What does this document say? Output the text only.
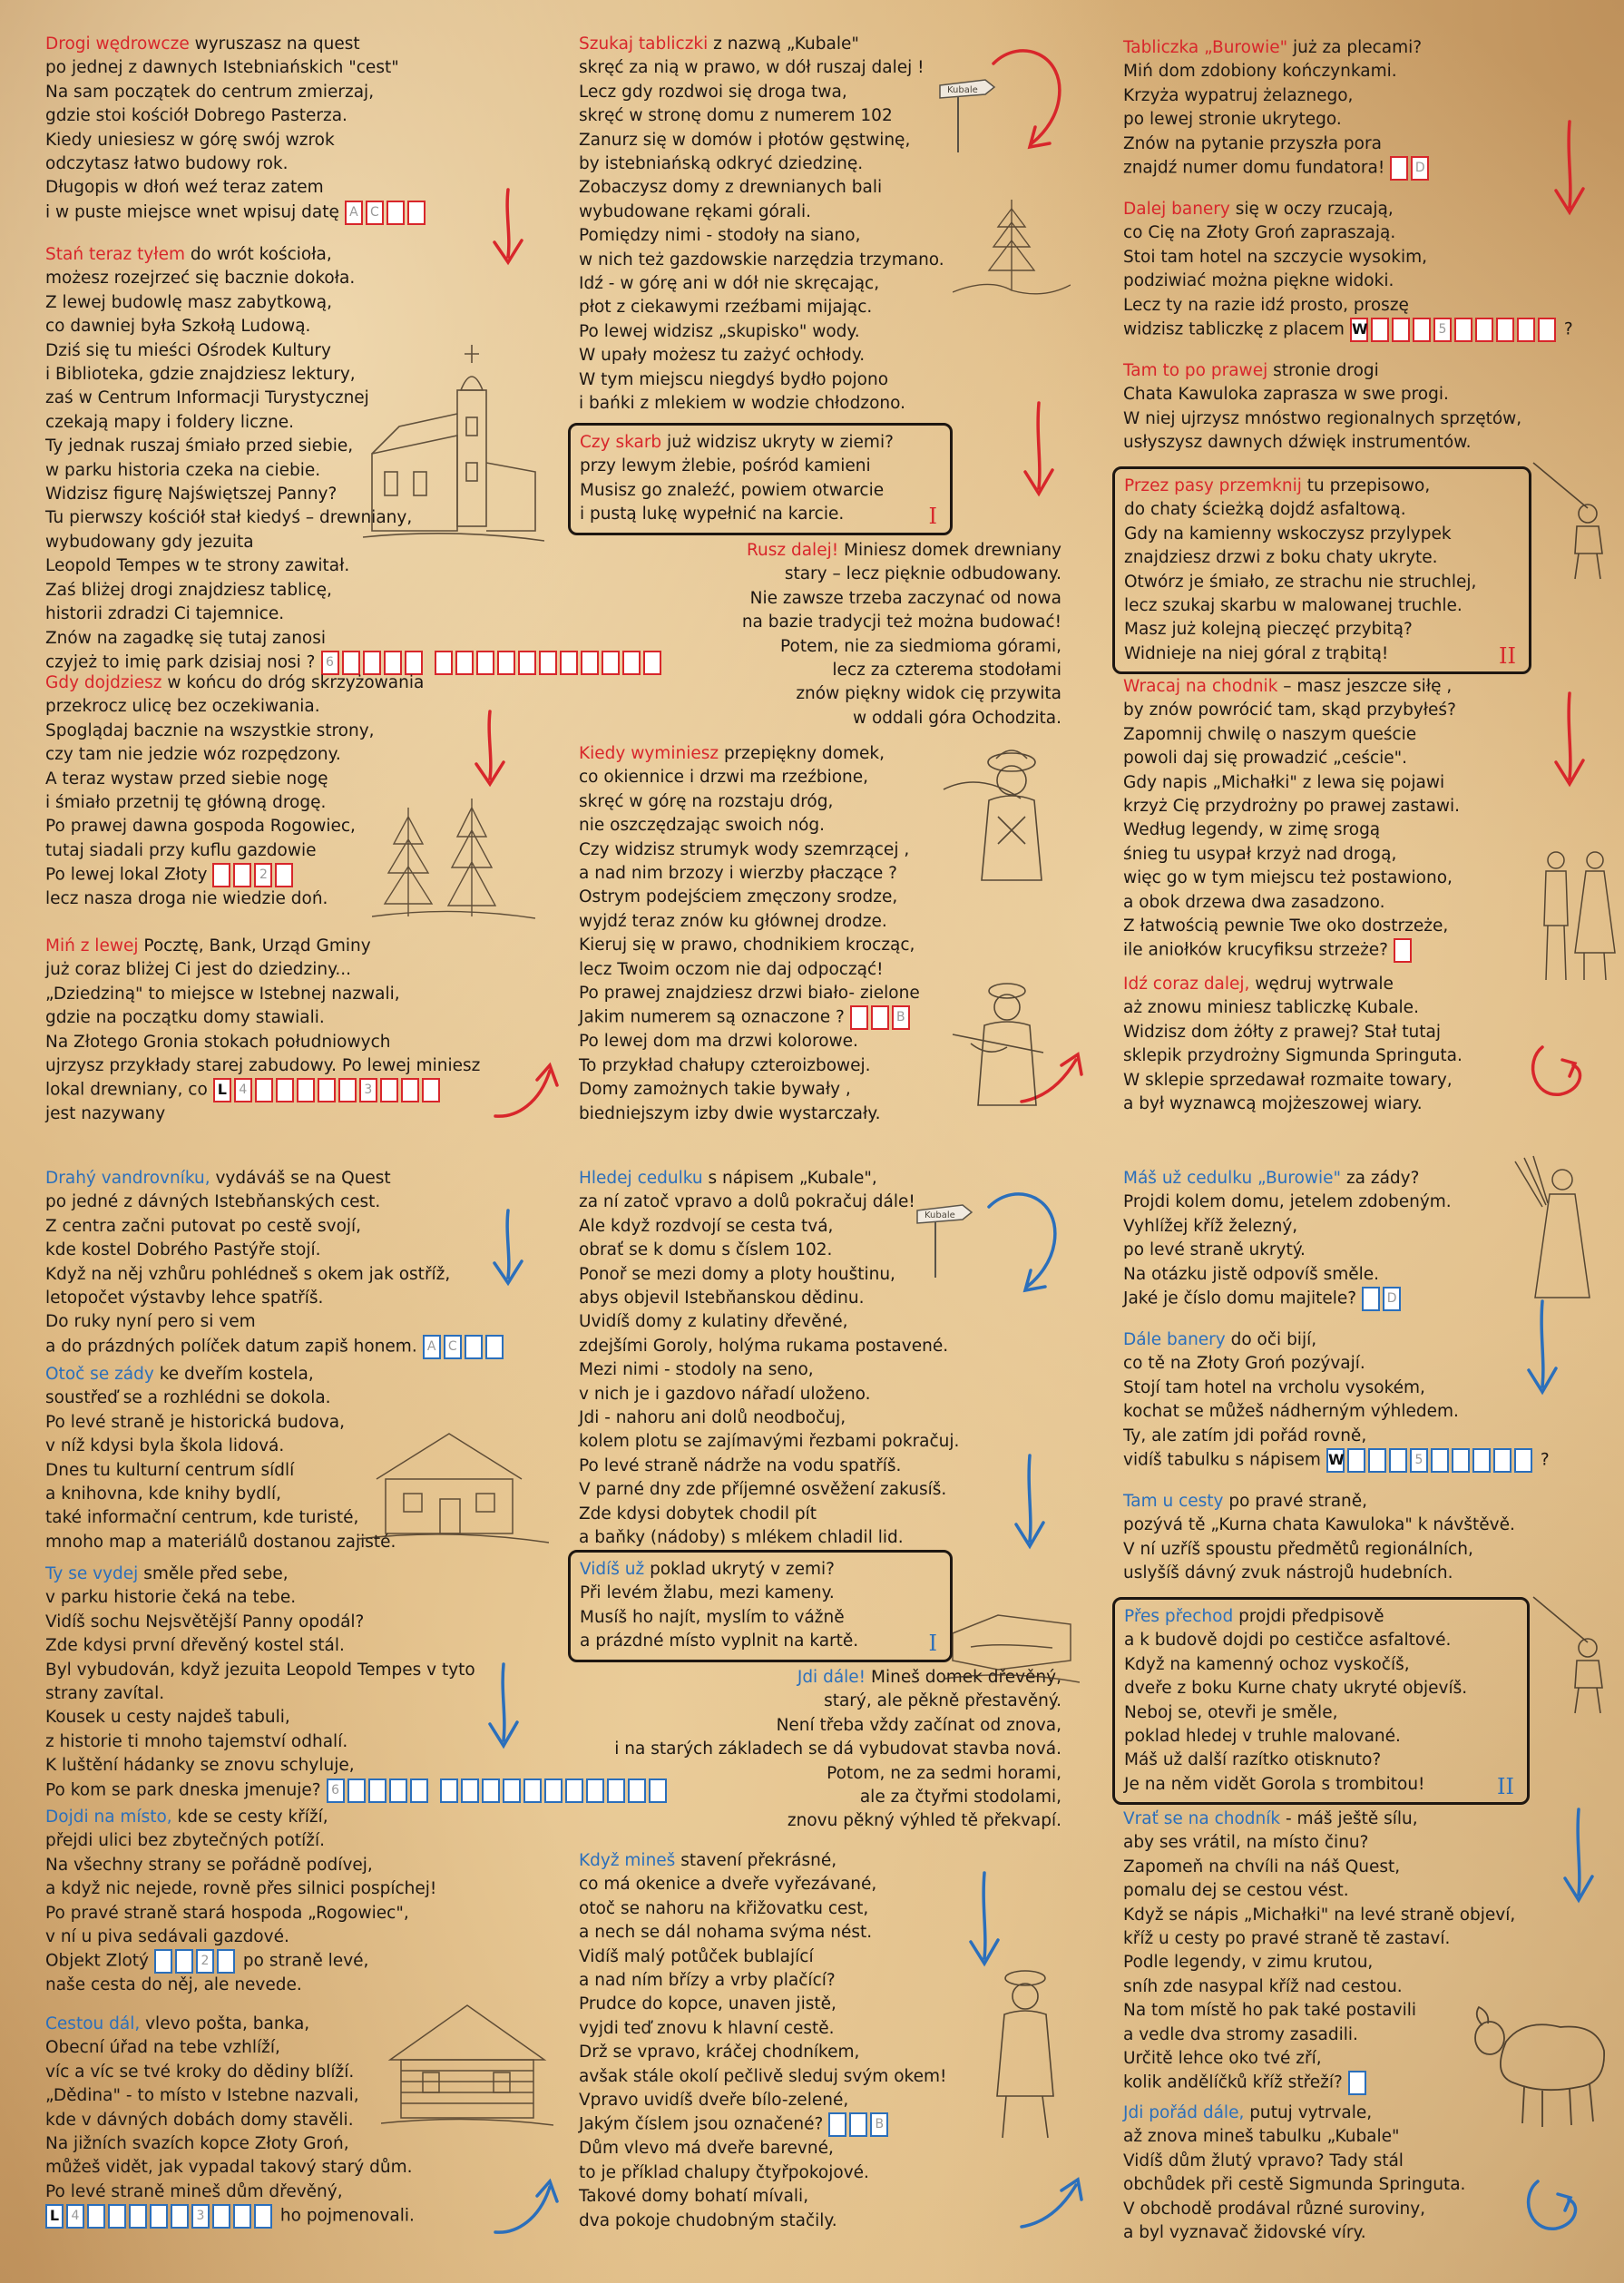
Drogi wędrowcze wyruszasz na quest
po jednej z dawnych Istebniańskich "cest"
Na sam początek do centrum zmierzaj,
gdzie stoi kościół Dobrego Pasterza.
Kiedy uniesiesz w górę swój wzrok
odczytasz łatwo budowy rok.
Długopis w dłoń weź teraz zatem
i w puste miejsce wnet wpisuj datę A C
Stań teraz tyłem do wrót kościoła,
możesz rozejrzeć się bacznie dokoła.
Z lewej budowlę masz zabytkową,
co dawniej była Szkołą Ludową.
Dziś się tu mieści Ośrodek Kultury
i Biblioteka, gdzie znajdziesz lektury,
zaś w Centrum Informacji Turystycznej
czekają mapy i foldery liczne.
Ty jednak ruszaj śmiało przed siebie,
w parku historia czeka na ciebie.
Widzisz figurę Najświętszej Panny?
Tu pierwszy kościół stał kiedyś – drewniany,
wybudowany gdy jezuita
Leopold Tempes w te strony zawitał.
Zaś bliżej drogi znajdziesz tablicę,
historii zdradzi Ci tajemnice.
Znów na zagadkę się tutaj zanosi
czyjeż to imię park dzisiaj nosi ? 6
Gdy dojdziesz w końcu do dróg skrzyżowania
przekrocz ulicę bez oczekiwania.
Spoglądaj bacznie na wszystkie strony,
czy tam nie jedzie wóz rozpędzony.
A teraz wystaw przed siebie nogę
i śmiało przetnij tę główną drogę.
Po prawej dawna gospoda Rogowiec,
tutaj siadali przy kuflu gazdowie
Po lewej lokal Złoty	2
lecz nasza droga nie wiedzie doń.
Miń z lewej Pocztę, Bank, Urząd Gminy
już coraz bliżej Ci jest do dziedziny...
„Dziedziną" to miejsce w Istebnej nazwali,
gdzie na początku domy stawiali.
Na Złotego Gronia stokach południowych
ujrzysz przykłady starej zabudowy. Po lewej miniesz
lokal drewniany, co L 4	3
jest nazywany
Szukaj tabliczki z nazwą „Kubale"
skręć za nią w prawo, w dół ruszaj dalej !
Lecz gdy rozdwoi się droga twa,
skręć w stronę domu z numerem 102
Zanurz się w domów i płotów gęstwinę,
by istebniańską odkryć dziedzinę.
Zobaczysz domy z drewnianych bali
wybudowane rękami górali.
Pomiędzy nimi - stodoły na siano,
w nich też gazdowskie narzędzia trzymano.
Idź - w górę ani w dół nie skręcając,
płot z ciekawymi rzeźbami mijając.
Po lewej widzisz „skupisko" wody.
W upały możesz tu zażyć ochłody.
W tym miejscu niegdyś bydło pojono
i bańki z mlekiem w wodzie chłodzono.
Czy skarb już widzisz ukryty w ziemi?
przy lewym żlebie, pośród kamieni
Musisz go znaleźć, powiem otwarcie
i pustą lukę wypełnić na karcie.	I
Rusz dalej! Miniesz domek drewniany
stary – lecz pięknie odbudowany.
Nie zawsze trzeba zaczynać od nowa
na bazie tradycji też można budować!
Potem, nie za siedmioma górami,
lecz za czterema stodołami
znów piękny widok cię przywita
w oddali góra Ochodzita.
Kiedy wyminiesz przepiękny domek,
co okiennice i drzwi ma rzeźbione,
skręć w górę na rozstaju dróg,
nie oszczędzając swoich nóg.
Czy widzisz strumyk wody szemrzącej ,
a nad nim brzozy i wierzby płaczące ?
Ostrym podejściem zmęczony srodze,
wyjdź teraz znów ku głównej drodze.
Kieruj się w prawo, chodnikiem krocząc,
lecz Twoim oczom nie daj odpocząć!
Po prawej znajdziesz drzwi biało- zielone
Jakim numerem są oznaczone ?	B
Po lewej dom ma drzwi kolorowe.
To przykład chałupy czteroizbowej.
Domy zamożnych takie bywały ,
biedniejszym izby dwie wystarczały.
Tabliczka „Burowie" już za plecami?
Miń dom zdobiony kończynkami.
Krzyża wypatruj żelaznego,
po lewej stronie ukrytego.
Znów na pytanie przyszła pora
znajdź numer domu fundatora! D
Dalej banery się w oczy rzucają,
co Cię na Złoty Groń zapraszają.
Stoi tam hotel na szczycie wysokim,
podziwiać można piękne widoki.
Lecz ty na razie idź prosto, proszę
widzisz tabliczkę z placem W	5	?
Tam to po prawej stronie drogi
Chata Kawuloka zaprasza w swe progi.
W niej ujrzysz mnóstwo regionalnych sprzętów,
usłyszysz dawnych dźwięk instrumentów.
Przez pasy przemknij tu przepisowo,
do chaty ścieżką dojdź asfaltową.
Gdy na kamienny wskoczysz przylypek
znajdziesz drzwi z boku chaty ukryte.
Otwórz je śmiało, ze strachu nie struchlej,
lecz szukaj skarbu w malowanej truchle.
Masz już kolejną pieczęć przybitą?
Widnieje na niej góral z trąbitą!	II
Wracaj na chodnik – masz jeszcze siłę ,
by znów powrócić tam, skąd przybyłeś?
Zapomnij chwilę o naszym queście
powoli daj się prowadzić „ceście".
Gdy napis „Michałki" z lewa się pojawi
krzyż Cię przydrożny po prawej zastawi.
Według legendy, w zimę srogą
śnieg tu usypał krzyż nad drogą,
więc go w tym miejscu też postawiono,
a obok drzewa dwa zasadzono.
Z łatwością pewnie Twe oko dostrzeże,
ile aniołków krucyfiksu strzeże?
Idź coraz dalej, wędruj wytrwale
aż znowu miniesz tabliczkę Kubale.
Widzisz dom żółty z prawej? Stał tutaj
sklepik przydrożny Sigmunda Springuta.
W sklepie sprzedawał rozmaite towary,
a był wyznawcą mojżeszowej wiary.
Drahý vandrovníku, vydáváš se na Quest
po jedné z dávných Istebňanských cest.
Z centra začni putovat po cestě svojí,
kde kostel Dobrého Pastýře stojí.
Když na něj vzhůru pohlédneš s okem jak ostříž,
letopočet výstavby lehce spatříš.
Do ruky nyní pero si vem
a do prázdných políček datum zapiš honem. A C
Otoč se zády ke dveřím kostela,
soustřeď se a rozhlédni se dokola.
Po levé straně je historická budova,
v níž kdysi byla škola lidová.
Dnes tu kulturní centrum sídlí
a knihovna, kde knihy bydlí,
také informační centrum, kde turisté,
mnoho map a materiálů dostanou zajisté.
Ty se vydej směle před sebe,
v parku historie čeká na tebe.
Vidíš sochu Nejsvětější Panny opodál?
Zde kdysi první dřevěný kostel stál.
Byl vybudován, když jezuita Leopold Tempes v tyto
strany zavítal.
Kousek u cesty najdeš tabuli,
z historie ti mnoho tajemství odhalí.
K luštění hádanky se znovu schyluje,
Po kom se park dneska jmenuje? 6
Dojdi na místo, kde se cesty kříží,
přejdi ulici bez zbytečných potíží.
Na všechny strany se pořádně podívej,
a když nic nejede, rovně přes silnici pospíchej!
Po pravé straně stará hospoda „Rogowiec",
v ní u piva sedávali gazdové.
Objekt Zlotý	2 po straně levé,
naše cesta do něj, ale nevede.
Cestou dál, vlevo pošta, banka,
Obecní úřad na tebe vzhlíží,
víc a víc se tvé kroky do dědiny blíží.
„Dědina" - to místo v Istebne nazvali,
kde v dávných dobách domy stavěli.
Na jižních svazích kopce Złoty Groń,
můžeš vidět, jak vypadal takový starý dům.
Po levé straně mineš dům dřevěný,
L 4	3	ho pojmenovali.
Hledej cedulku s nápisem „Kubale",
za ní zatoč vpravo a dolů pokračuj dále!
Ale když rozdvojí se cesta tvá,
obrať se k domu s číslem 102.
Ponoř se mezi domy a ploty houštinu,
abys objevil Istebňanskou dědinu.
Uvidíš domy z kulatiny dřevěné,
zdejšími Goroly, holýma rukama postavené.
Mezi nimi - stodoly na seno,
v nich je i gazdovo nářadí uloženo.
Jdi - nahoru ani dolů neodbočuj,
kolem plotu se zajímavými řezbami pokračuj.
Po levé straně nádrže na vodu spatříš.
V parné dny zde příjemné osvěžení zakusíš.
Zde kdysi dobytek chodil pít
a baňky (nádoby) s mlékem chladil lid.
Vidíš už poklad ukrytý v zemi?
Při levém žlabu, mezi kameny.
Musíš ho najít, myslím to vážně
a prázdné místo vyplnit na kartě.	I
Jdi dále! Mineš domek dřevěný,
starý, ale pěkně přestavěný.
Není třeba vždy začínat od znova,
i na starých základech se dá vybudovat stavba nová.
Potom, ne za sedmi horami,
ale za čtyřmi stodolami,
znovu pěkný výhled tě překvapí.
Když mineš stavení překrásné,
co má okenice a dveře vyřezávané,
otoč se nahoru na křižovatku cest,
a nech se dál nohama svýma nést.
Vidíš malý potůček bublající
a nad ním břízy a vrby plačící?
Prudce do kopce, unaven jistě,
vyjdi teď znovu k hlavní cestě.
Drž se vpravo, kráčej chodníkem,
avšak stále okolí pečlivě sleduj svým okem!
Vpravo uvidíš dveře bílo-zelené,
Jakým číslem jsou označené?	B
Dům vlevo má dveře barevné,
to je příklad chalupy čtyřpokojové.
Takové domy bohatí mívali,
dva pokoje chudobným stačily.
Máš už cedulku „Burowie" za zády?
Projdi kolem domu, jetelem zdobeným.
Vyhlížej kříž železný,
po levé straně ukrytý.
Na otázku jistě odpovíš směle.
Jaké je číslo domu majitele? D
Dále banery do oči bijí,
co tě na Złoty Groń pozývají.
Stojí tam hotel na vrcholu vysokém,
kochat se můžeš nádherným výhledem.
Ty, ale zatím jdi pořád rovně,
vidíš tabulku s nápisem W	5	?
Tam u cesty po pravé straně,
pozývá tě „Kurna chata Kawuloka" k návštěvě.
V ní uzříš spoustu předmětů regionálních,
uslyšíš dávný zvuk nástrojů hudebních.
Přes přechod projdi předpisově
a k budově dojdi po cestičce asfaltové.
Když na kamenný ochoz vyskočíš,
dveře z boku Kurne chaty ukryté objevíš.
Neboj se, otevři je směle,
poklad hledej v truhle malované.
Máš už další razítko otisknuto?
Je na něm vidět Gorola s trombitou!	II
Vrať se na chodník - máš ještě sílu,
aby ses vrátil, na místo činu?
Zapomeň na chvíli na náš Quest,
pomalu dej se cestou vést.
Když se nápis „Michałki" na levé straně objeví,
kříž u cesty po pravé straně tě zastaví.
Podle legendy, v zimu krutou,
sníh zde nasypal kříž nad cestou.
Na tom místě ho pak také postavili
a vedle dva stromy zasadili.
Určitě lehce oko tvé zří,
kolik andělíčků kříž střeží?
Jdi pořád dále, putuj vytrvale,
až znova mineš tabulku „Kubale"
Vidíš dům žlutý vpravo? Tady stál
obchůdek při cestě Sigmunda Springuta.
V obchodě prodával různé suroviny,
a byl vyznavač židovské víry.
Kubale
Kubale
